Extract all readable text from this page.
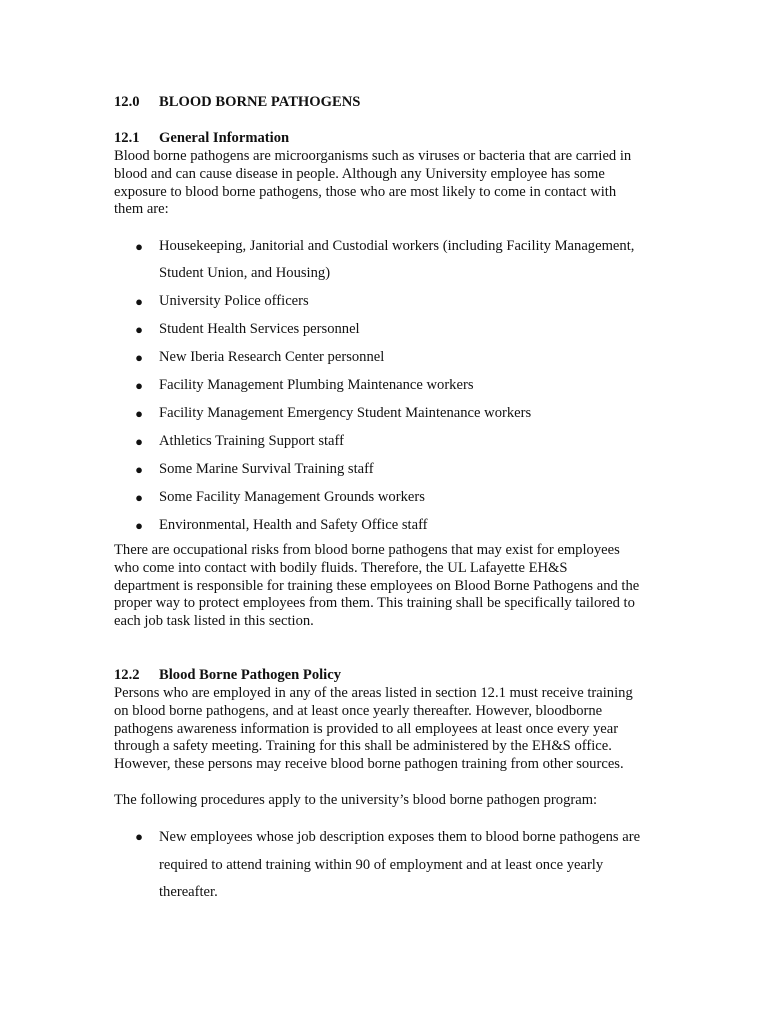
12.0 BLOOD BORNE PATHOGENS
12.1 General Information
Blood borne pathogens are microorganisms such as viruses or bacteria that are carried in
blood and can cause disease in people. Although any University employee has some
exposure to blood borne pathogens, those who are most likely to come in contact with
them are:
● Housekeeping, Janitorial and Custodial workers (including Facility Management,
Student Union, and Housing)
● University Police officers
● Student Health Services personnel
● New Iberia Research Center personnel
● Facility Management Plumbing Maintenance workers
● Facility Management Emergency Student Maintenance workers
● Athletics Training Support staff
● Some Marine Survival Training staff
● Some Facility Management Grounds workers
● Environmental, Health and Safety Office staff
There are occupational risks from blood borne pathogens that may exist for employees
who come into contact with bodily fluids. Therefore, the UL Lafayette EH&S
department is responsible for training these employees on Blood Borne Pathogens and the
proper way to protect employees from them. This training shall be specifically tailored to
each job task listed in this section.
12.2 Blood Borne Pathogen Policy
Persons who are employed in any of the areas listed in section 12.1 must receive training
on blood borne pathogens, and at least once yearly thereafter. However, bloodborne
pathogens awareness information is provided to all employees at least once every year
through a safety meeting. Training for this shall be administered by the EH&S office.
However, these persons may receive blood borne pathogen training from other sources.
The following procedures apply to the university’s blood borne pathogen program:
● New employees whose job description exposes them to blood borne pathogens are
required to attend training within 90 of employment and at least once yearly
thereafter.
